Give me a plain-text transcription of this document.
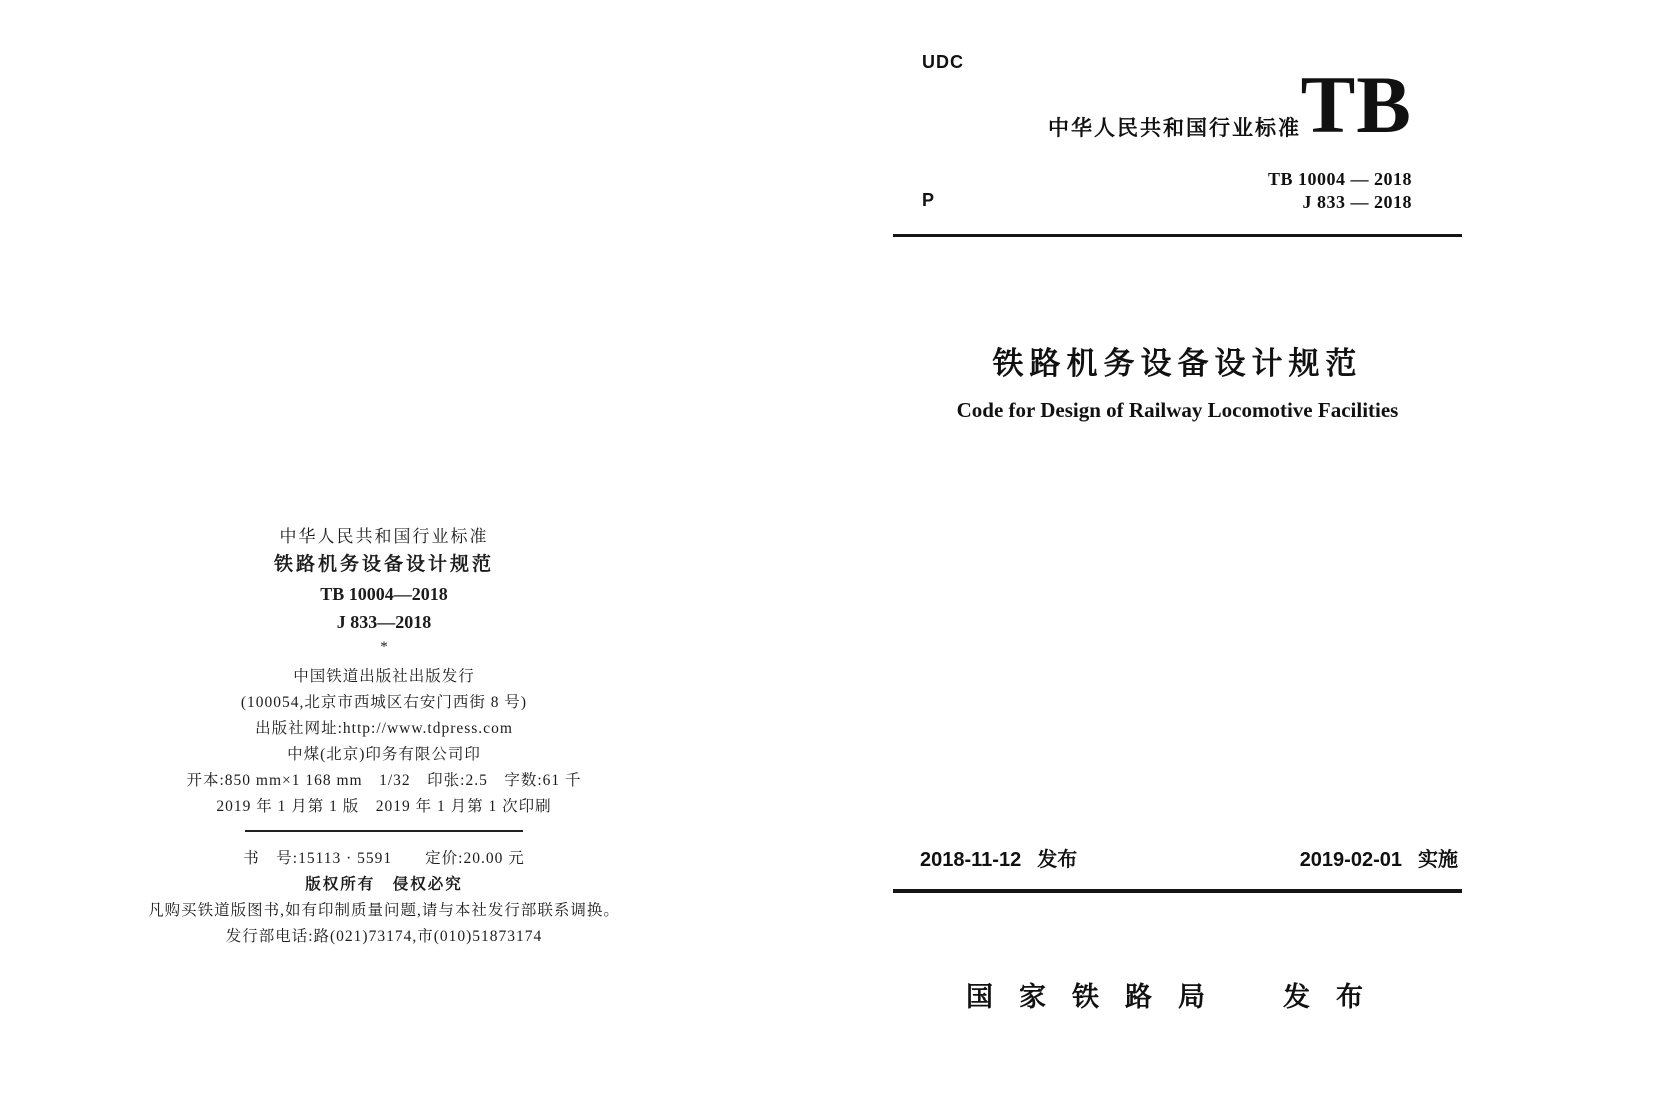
中华人民共和国行业标准
铁路机务设备设计规范
TB 10004—2018
J 833—2018
*
中国铁道出版社出版发行
(100054,北京市西城区右安门西街 8 号)
出版社网址:http://www.tdpress.com
中煤(北京)印务有限公司印
开本:850 mm×1 168 mm　1/32　印张:2.5　字数:61 千
2019 年 1 月第 1 版　2019 年 1 月第 1 次印刷
书　号:15113 · 5591　　定价:20.00 元
版权所有　侵权必究
凡购买铁道版图书,如有印制质量问题,请与本社发行部联系调换。
发行部电话:路(021)73174,市(010)51873174
UDC
中华人民共和国行业标准 TB
TB 10004 — 2018
J 833 — 2018
P
铁路机务设备设计规范
Code for Design of Railway Locomotive Facilities
2018-11-12 发布	2019-02-01 实施
国家铁路局 发布
